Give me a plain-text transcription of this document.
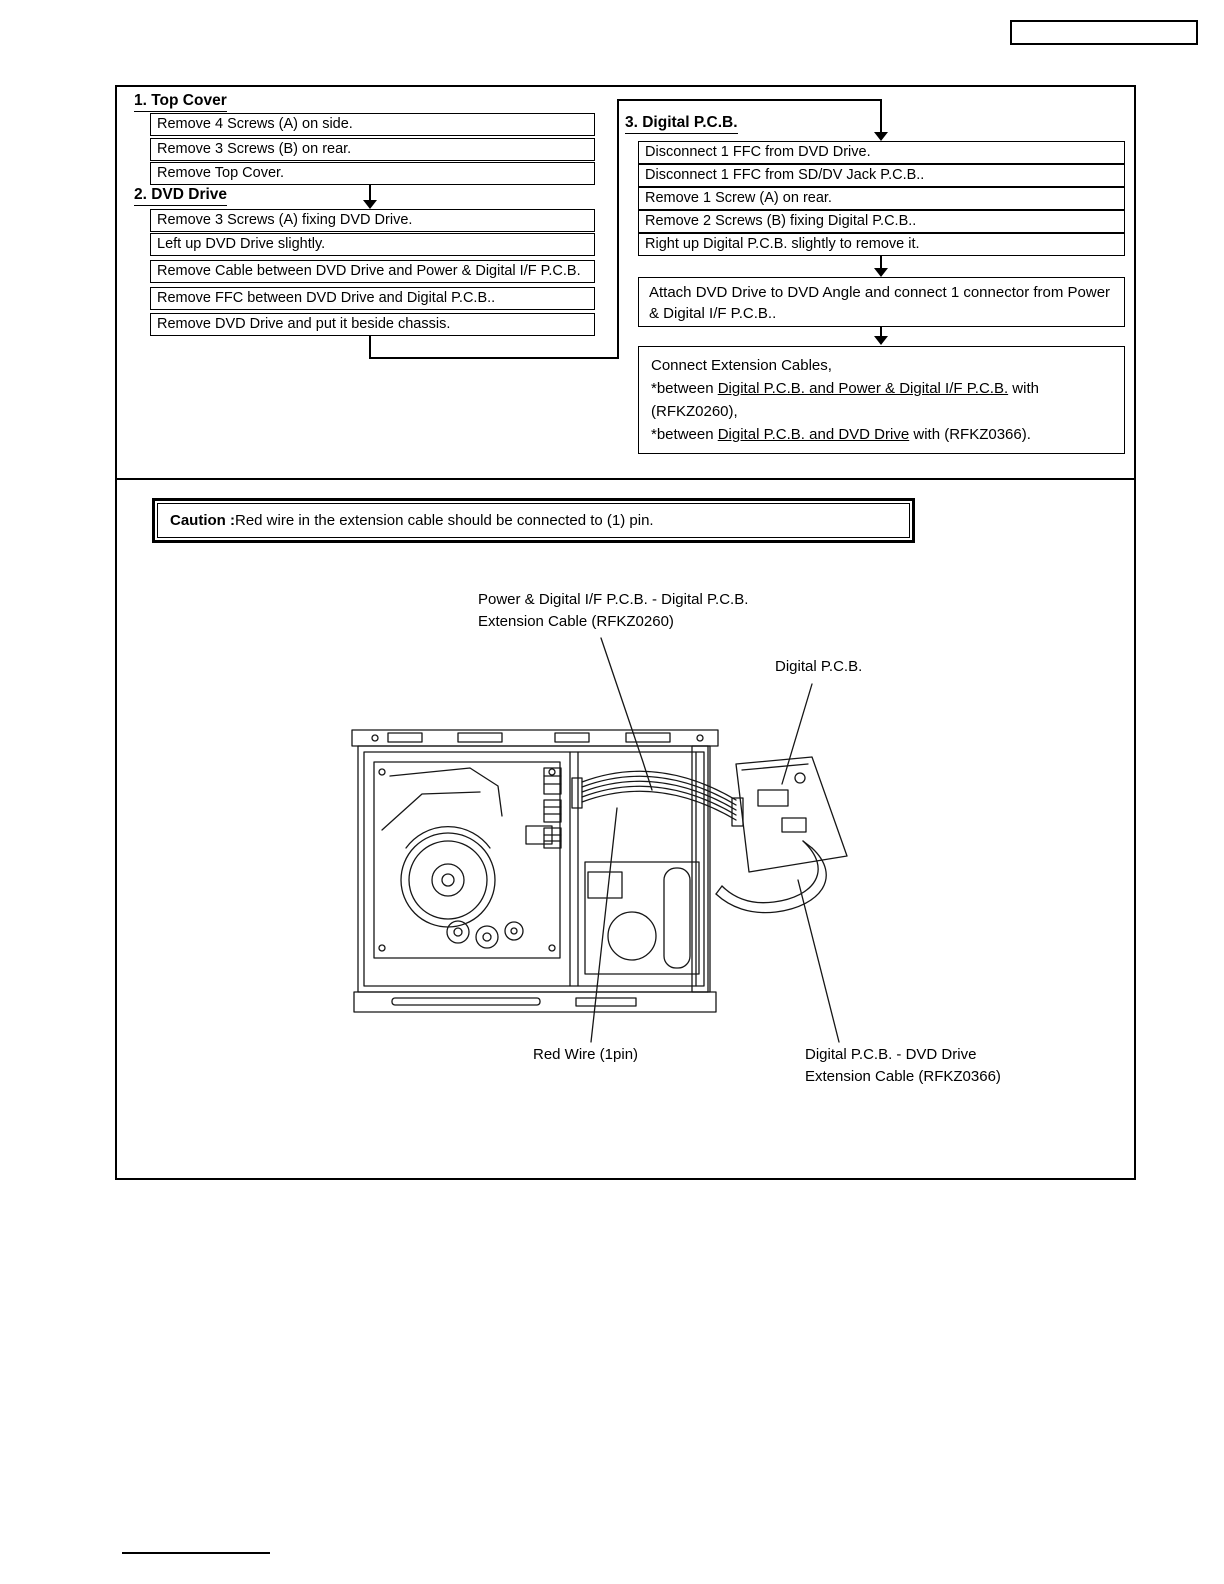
1. Top Cover
Remove 4 Screws (A) on side.
Remove 3 Screws (B) on rear.
Remove Top Cover.
2. DVD Drive
Remove 3 Screws (A) fixing DVD Drive.
Left up DVD Drive slightly.
Remove Cable between DVD Drive and Power & Digital I/F P.C.B.
Remove FFC between DVD Drive and Digital P.C.B..
Remove DVD Drive and put it beside chassis.
3. Digital P.C.B.
Disconnect 1 FFC from DVD Drive.
Disconnect 1 FFC from SD/DV Jack P.C.B..
Remove 1 Screw (A) on rear.
Remove 2 Screws (B) fixing Digital P.C.B..
Right up Digital P.C.B. slightly to remove it.
Attach DVD Drive to DVD Angle and connect 1 connector from Power & Digital I/F P.C.B..
Connect Extension Cables,
*between Digital P.C.B. and Power & Digital I/F P.C.B. with
(RFKZ0260),
*between Digital P.C.B. and DVD Drive with (RFKZ0366).
Caution : Red wire in the extension cable should be connected to (1) pin.
Power & Digital I/F P.C.B. - Digital P.C.B.
Extension Cable (RFKZ0260)
Digital P.C.B.
Red Wire (1pin)	Digital P.C.B. - DVD Drive
Extension Cable (RFKZ0366)
